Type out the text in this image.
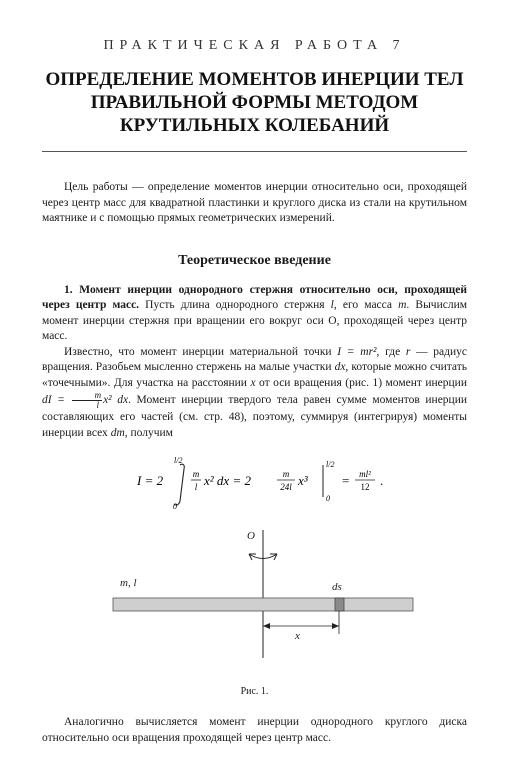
ПРАКТИЧЕСКАЯ РАБОТА 7
ОПРЕДЕЛЕНИЕ МОМЕНТОВ ИНЕРЦИИ ТЕЛ
ПРАВИЛЬНОЙ ФОРМЫ МЕТОДОМ
КРУТИЛЬНЫХ КОЛЕБАНИЙ

Цель работы — определение моментов инерции относительно оси, проходящей через центр масс для квадратной пластинки и круглого диска из стали на крутильном маятнике и с помощью прямых геометрических измерений.

Теоретическое введение

1. Момент инерции однородного стержня относительно оси, проходящей через центр масс. Пусть длина однородного стержня l, его масса m. Вычислим момент инерции стержня при вращении его вокруг оси О, проходящей через центр масс.

Известно, что момент инерции материальной точки I = mr², где r — радиус вращения. Разобьем мысленно стержень на малые участки dx, которые можно считать «точечными». Для участка на расстоянии x от оси вращения (рис. 1) момент инерции dI = $\frac{m}{l} x^2$ dx. Момент инерции твердого тела равен сумме моментов инерции составляющих его частей (см. стр. 48), поэтому, суммируя (интегрируя) моменты инерции всех dm, получим

I = 2
l/2
0
m
l x² dx = 2	m
24l x³
l/2
0
= ml²
12 .
O
m, l	ds
x
Рис. 1.

Аналогично вычисляется момент инерции однородного круглого диска относительно оси вращения проходящей через центр масс.
